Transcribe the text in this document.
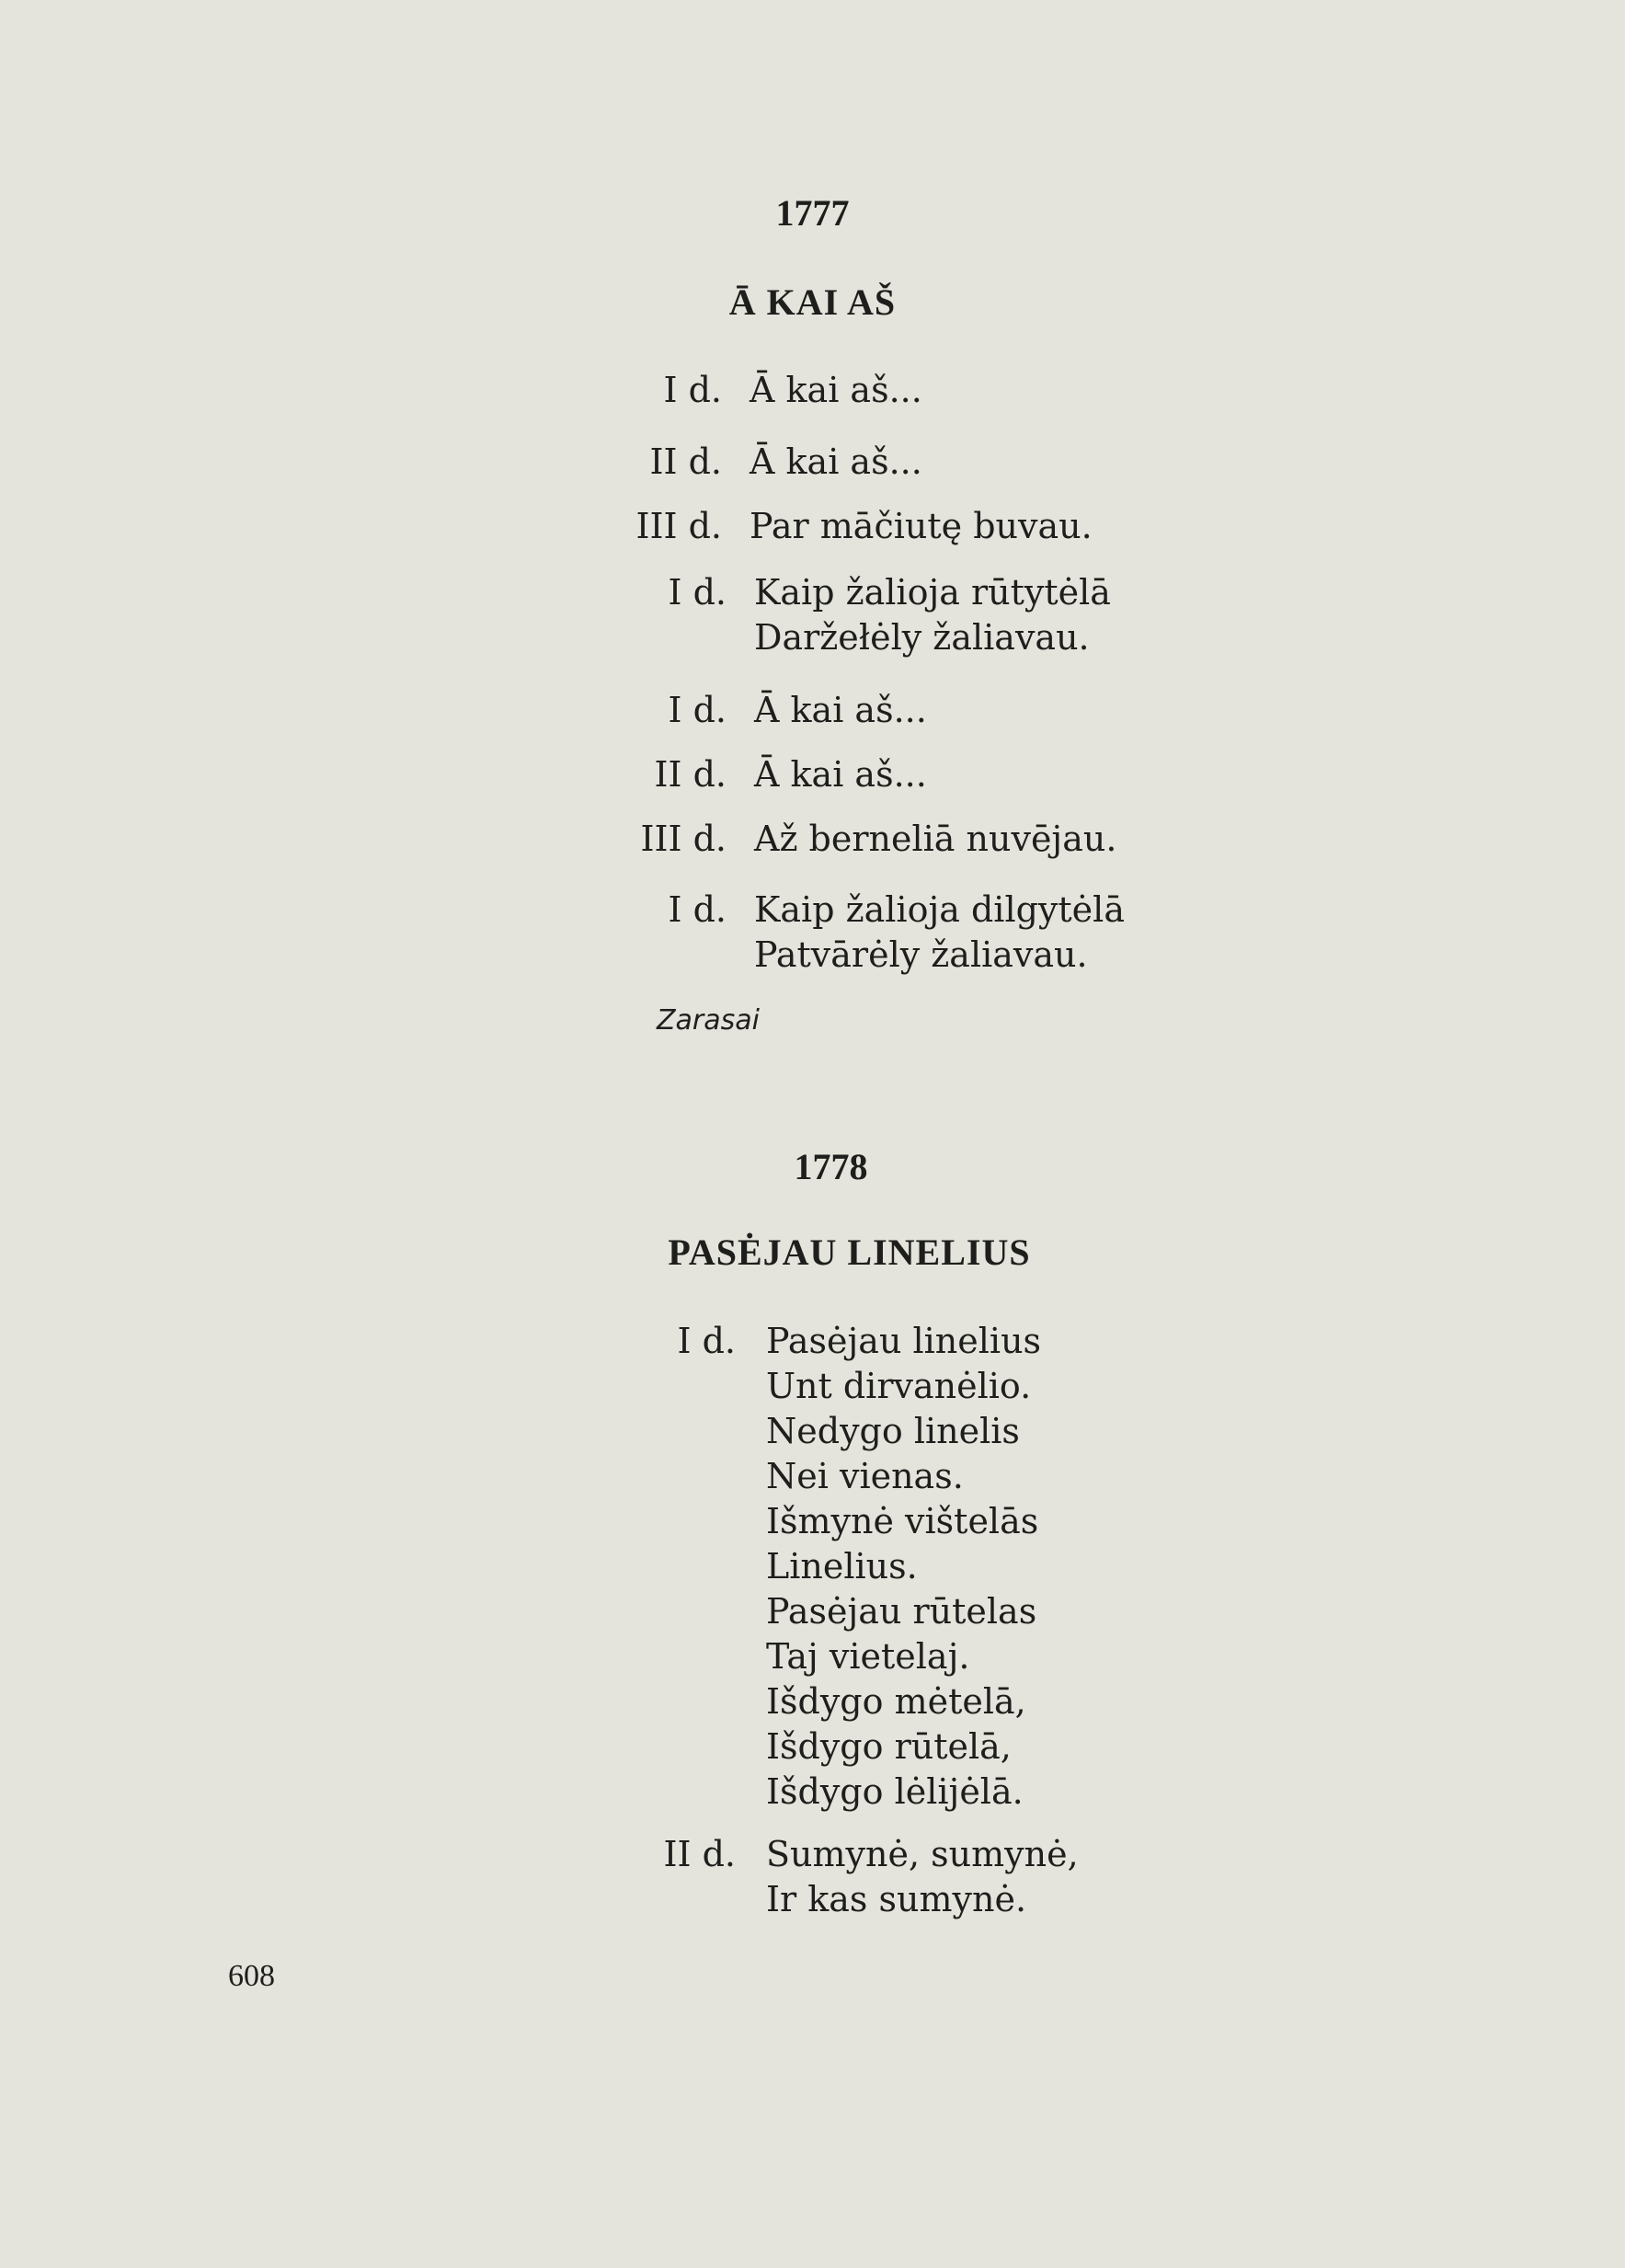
1777
Ā KAI AŠ
I d. Ā kai aš...
II d. Ā kai aš...
III d. Par māčiutę buvau.
I d. Kaip žalioja rūtytėlā
Daržełėly žaliavau.
I d. Ā kai aš...
II d. Ā kai aš...
III d. Až berneliā nuvējau.
I d. Kaip žalioja dilgytėlā
Patvārėly žaliavau.
Zarasai
1778
PASĖJAU LINELIUS
I d. Pasėjau linelius
Unt dirvanėlio.
Nedygo linelis
Nei vienas.
Išmynė vištelās
Linelius.
Pasėjau rūtelas
Taj vietelaj.
Išdygo mėtelā,
Išdygo rūtelā,
Išdygo lėlijėlā.
II d. Sumynė, sumynė,
Ir kas sumynė.
608
